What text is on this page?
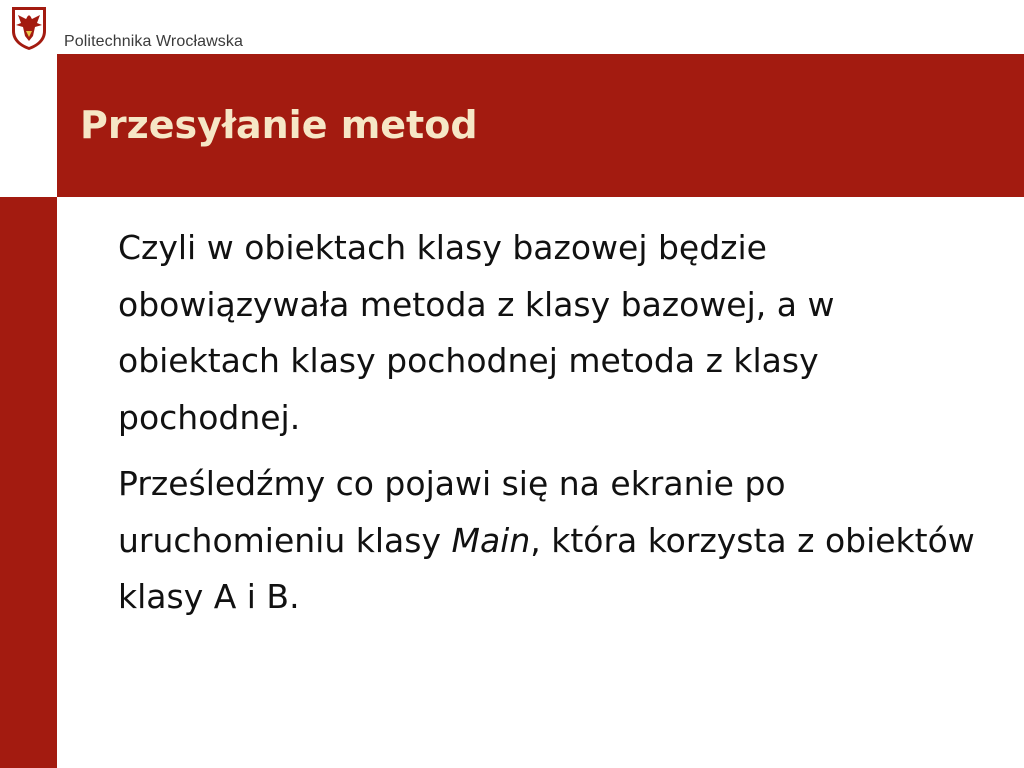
Politechnika Wrocławska
Przesyłanie metod

Czyli w obiektach klasy bazowej będzie obowiązywała metoda z klasy bazowej, a w obiektach klasy pochodnej metoda z klasy pochodnej.

Prześledźmy co pojawi się na ekranie po uruchomieniu klasy Main, która korzysta z obiektów klasy A i B.
